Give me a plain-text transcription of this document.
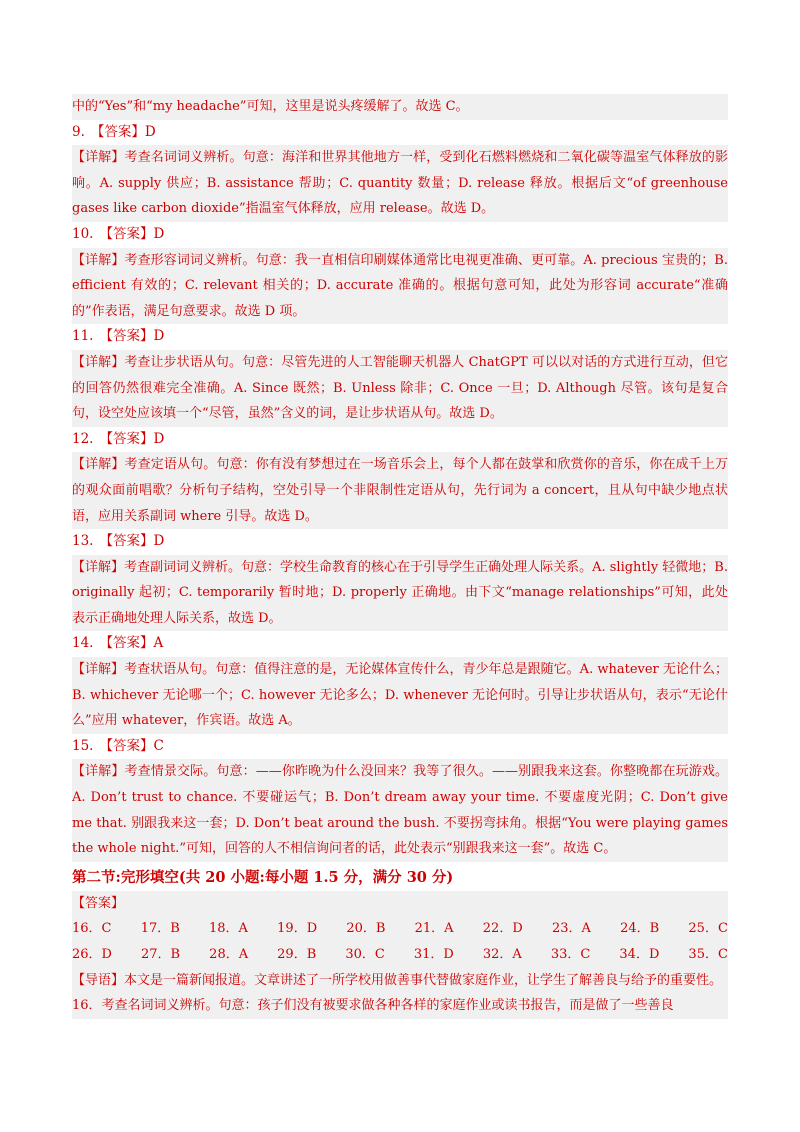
中的“Yes”和“my headache”可知，这里是说头疼缓解了。故选 C。

9. 【答案】D

【详解】考查名词词义辨析。句意：海洋和世界其他地方一样，受到化石燃料燃烧和二氧化碳等温室气体释放的影响。A. supply 供应；B. assistance 帮助；C. quantity 数量；D. release 释放。根据后文“of greenhouse gases like carbon dioxide”指温室气体释放，应用 release。故选 D。

10. 【答案】D

【详解】考查形容词词义辨析。句意：我一直相信印刷媒体通常比电视更准确、更可靠。A. precious 宝贵的；B. efficient 有效的；C. relevant 相关的；D. accurate 准确的。根据句意可知，此处为形容词 accurate“准确的”作表语，满足句意要求。故选 D 项。

11. 【答案】D

【详解】考查让步状语从句。句意：尽管先进的人工智能聊天机器人 ChatGPT 可以以对话的方式进行互动，但它的回答仍然很难完全准确。A. Since 既然；B. Unless 除非；C. Once 一旦；D. Although 尽管。该句是复合句，设空处应该填一个“尽管，虽然”含义的词，是让步状语从句。故选 D。

12. 【答案】D

【详解】考查定语从句。句意：你有没有梦想过在一场音乐会上，每个人都在鼓掌和欣赏你的音乐，你在成千上万的观众面前唱歌？分析句子结构，空处引导一个非限制性定语从句，先行词为 a concert，且从句中缺少地点状语，应用关系副词 where 引导。故选 D。

13. 【答案】D

【详解】考查副词词义辨析。句意：学校生命教育的核心在于引导学生正确处理人际关系。A. slightly 轻微地；B. originally 起初；C. temporarily 暂时地；D. properly 正确地。由下文“manage relationships”可知，此处表示正确地处理人际关系，故选 D。

14. 【答案】A

【详解】考查状语从句。句意：值得注意的是，无论媒体宣传什么，青少年总是跟随它。A. whatever 无论什么；B. whichever 无论哪一个；C. however 无论多么；D. whenever 无论何时。引导让步状语从句，表示“无论什么”应用 whatever，作宾语。故选 A。

15. 【答案】C

【详解】考查情景交际。句意：——你昨晚为什么没回来？我等了很久。——别跟我来这套。你整晚都在玩游戏。A. Don’t trust to chance. 不要碰运气；B. Don’t dream away your time. 不要虚度光阴；C. Don’t give me that. 别跟我来这一套；D. Don’t beat around the bush. 不要拐弯抹角。根据“You were playing games the whole night.”可知，回答的人不相信询问者的话，此处表示“别跟我来这一套”。故选 C。

第二节:完形填空(共 20 小题:每小题 1.5 分，满分 30 分)

【答案】

16．C 17．B 18．A 19．D 20．B 21．A 22．D 23．A 24．B 25．C
26．D 27．B 28．A 29．B 30．C 31．D 32．A 33．C 34．D 35．C

【导语】本文是一篇新闻报道。文章讲述了一所学校用做善事代替做家庭作业，让学生了解善良与给予的重要性。

16．考查名词词义辨析。句意：孩子们没有被要求做各种各样的家庭作业或读书报告，而是做了一些善良
